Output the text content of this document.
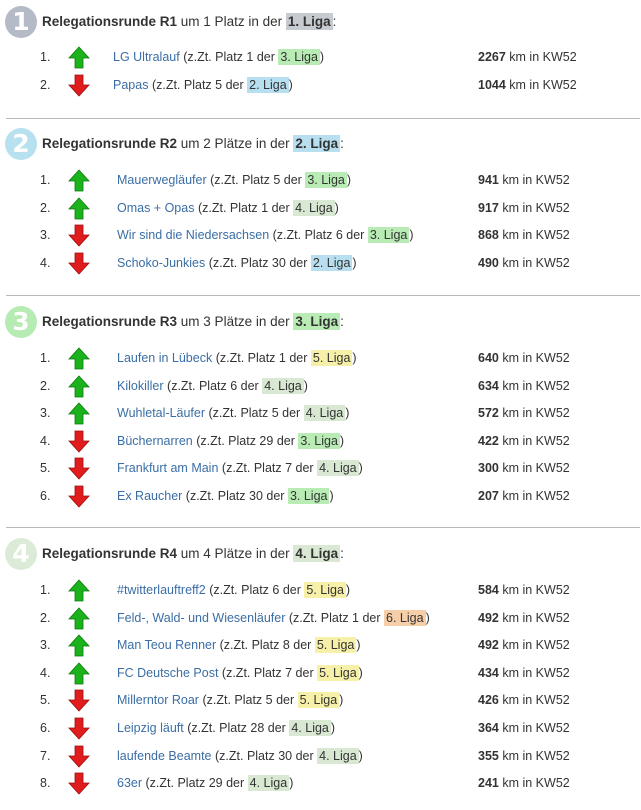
1 Relegationsrunde R1 um 1 Platz in der 1. Liga :
1.	LG Ultralauf (z.Zt. Platz 1 der 3. Liga )	2267 km in KW52
2.	Papas (z.Zt. Platz 5 der 2. Liga )	1044 km in KW52
2 Relegationsrunde R2 um 2 Plätze in der 2. Liga :
1.	Mauerwegläufer (z.Zt. Platz 5 der 3. Liga )	941 km in KW52
2.	Omas + Opas (z.Zt. Platz 1 der 4. Liga )	917 km in KW52
3.	Wir sind die Niedersachsen (z.Zt. Platz 6 der 3. Liga )	868 km in KW52
4.	Schoko-Junkies (z.Zt. Platz 30 der 2. Liga )	490 km in KW52
3 Relegationsrunde R3 um 3 Plätze in der 3. Liga :
1.	Laufen in Lübeck (z.Zt. Platz 1 der 5. Liga )	640 km in KW52
2.	Kilokiller (z.Zt. Platz 6 der 4. Liga )	634 km in KW52
3.	Wuhletal-Läufer (z.Zt. Platz 5 der 4. Liga )	572 km in KW52
4.	Büchernarren (z.Zt. Platz 29 der 3. Liga )	422 km in KW52
5.	Frankfurt am Main (z.Zt. Platz 7 der 4. Liga )	300 km in KW52
6.	Ex Raucher (z.Zt. Platz 30 der 3. Liga )	207 km in KW52
4 Relegationsrunde R4 um 4 Plätze in der 4. Liga :
1.	#twitterlauftreff2 (z.Zt. Platz 6 der 5. Liga )	584 km in KW52
2.	Feld-, Wald- und Wiesenläufer (z.Zt. Platz 1 der 6. Liga )	492 km in KW52
3.	Man Teou Renner (z.Zt. Platz 8 der 5. Liga )	492 km in KW52
4.	FC Deutsche Post (z.Zt. Platz 7 der 5. Liga )	434 km in KW52
5.	Millerntor Roar (z.Zt. Platz 5 der 5. Liga )	426 km in KW52
6.	Leipzig läuft (z.Zt. Platz 28 der 4. Liga )	364 km in KW52
7.	laufende Beamte (z.Zt. Platz 30 der 4. Liga )	355 km in KW52
8.	63er (z.Zt. Platz 29 der 4. Liga )	241 km in KW52
